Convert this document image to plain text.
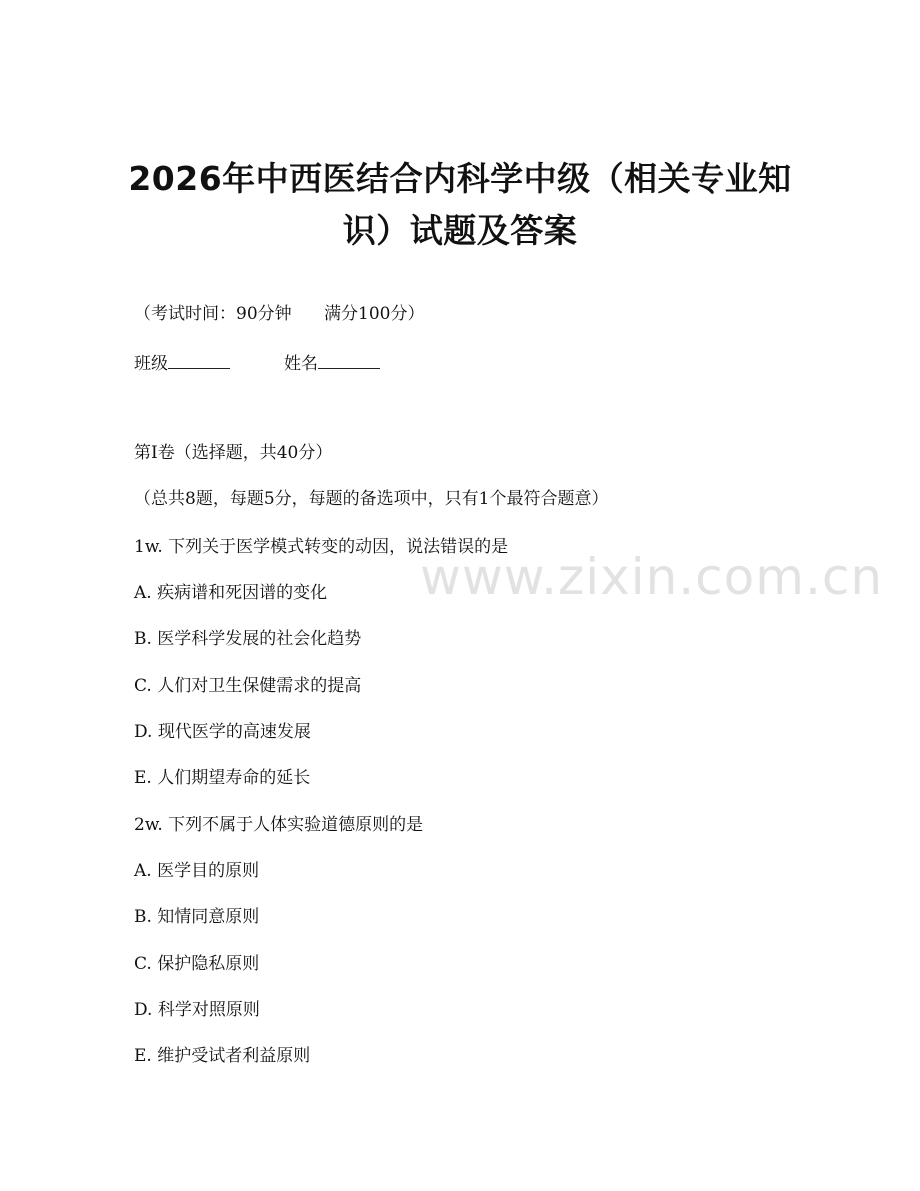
2026年中西医结合内科学中级（相关专业知
识）试题及答案
（考试时间：90分钟      满分100分）
班级	姓名
第Ⅰ卷（选择题，共40分）
（总共8题，每题5分，每题的备选项中，只有1个最符合题意）
1w. 下列关于医学模式转变的动因，说法错误的是
A. 疾病谱和死因谱的变化
B. 医学科学发展的社会化趋势
C. 人们对卫生保健需求的提高
D. 现代医学的高速发展
E. 人们期望寿命的延长
2w. 下列不属于人体实验道德原则的是
A. 医学目的原则
B. 知情同意原则
C. 保护隐私原则
D. 科学对照原则
E. 维护受试者利益原则
www.zixin.com.cn
